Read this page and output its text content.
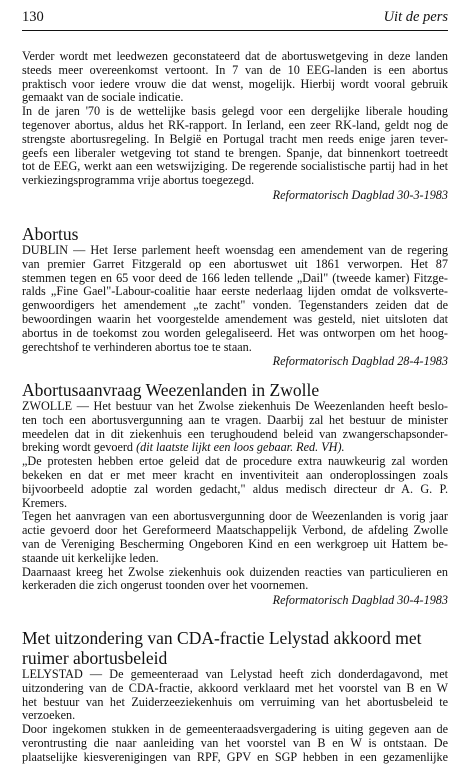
130	Uit de pers
Verder wordt met leedwezen geconstateerd dat de abortuswetgeving in deze landen
steeds meer overeenkomst vertoont. In 7 van de 10 EEG-landen is een abortus
praktisch voor iedere vrouw die dat wenst, mogelijk. Hierbij wordt vooral gebruik
gemaakt van de sociale indicatie.
In de jaren '70 is de wettelijke basis gelegd voor een dergelijke liberale houding
tegenover abortus, aldus het RK-rapport. In Ierland, een zeer RK-land, geldt nog de
strengste abortusregeling. In België en Portugal tracht men reeds enige jaren tever-
geefs een liberaler wetgeving tot stand te brengen. Spanje, dat binnenkort toetreedt
tot de EEG, werkt aan een wetswijziging. De regerende socialistische partij had in het
verkiezingsprogramma vrije abortus toegezegd.
Reformatorisch Dagblad 30-3-1983
Abortus
DUBLIN — Het Ierse parlement heeft woensdag een amendement van de regering
van premier Garret Fitzgerald op een abortuswet uit 1861 verworpen. Het 87
stemmen tegen en 65 voor deed de 166 leden tellende „Dail" (tweede kamer) Fitzge-
ralds „Fine Gael"-Labour-coalitie haar eerste nederlaag lijden omdat de volksverte-
genwoordigers het amendement „te zacht" vonden. Tegenstanders zeiden dat de
bewoordingen waarin het voorgestelde amendement was gesteld, niet uitsloten dat
abortus in de toekomst zou worden gelegaliseerd. Het was ontworpen om het hoog-
gerechtshof te verhinderen abortus toe te staan.
Reformatorisch Dagblad 28-4-1983
Abortusaanvraag Weezenlanden in Zwolle
ZWOLLE — Het bestuur van het Zwolse ziekenhuis De Weezenlanden heeft beslo-
ten toch een abortusvergunning aan te vragen. Daarbij zal het bestuur de minister
meedelen dat in dit ziekenhuis een terughoudend beleid van zwangerschapsonder-
breking wordt gevoerd (dit laatste lijkt een loos gebaar. Red. VH).
„De protesten hebben ertoe geleid dat de procedure extra nauwkeurig zal worden
bekeken en dat er met meer kracht en inventiviteit aan onderoplossingen zoals
bijvoorbeeld adoptie zal worden gedacht," aldus medisch directeur dr A. G. P.
Kremers.
Tegen het aanvragen van een abortusvergunning door de Weezenlanden is vorig jaar
actie gevoerd door het Gereformeerd Maatschappelijk Verbond, de afdeling Zwolle
van de Vereniging Bescherming Ongeboren Kind en een werkgroep uit Hattem be-
staande uit kerkelijke leden.
Daarnaast kreeg het Zwolse ziekenhuis ook duizenden reacties van particulieren en
kerkeraden die zich ongerust toonden over het voornemen.
Reformatorisch Dagblad 30-4-1983
Met uitzondering van CDA-fractie Lelystad akkoord met
ruimer abortusbeleid
LELYSTAD — De gemeenteraad van Lelystad heeft zich donderdagavond, met
uitzondering van de CDA-fractie, akkoord verklaard met het voorstel van B en W
het bestuur van het Zuiderzeeziekenhuis om verruiming van het abortusbeleid te
verzoeken.
Door ingekomen stukken in de gemeenteraadsvergadering is uiting gegeven aan de
verontrusting die naar aanleiding van het voorstel van B en W is ontstaan. De
plaatselijke kiesverenigingen van RPF, GPV en SGP hebben in een gezamenlijke
